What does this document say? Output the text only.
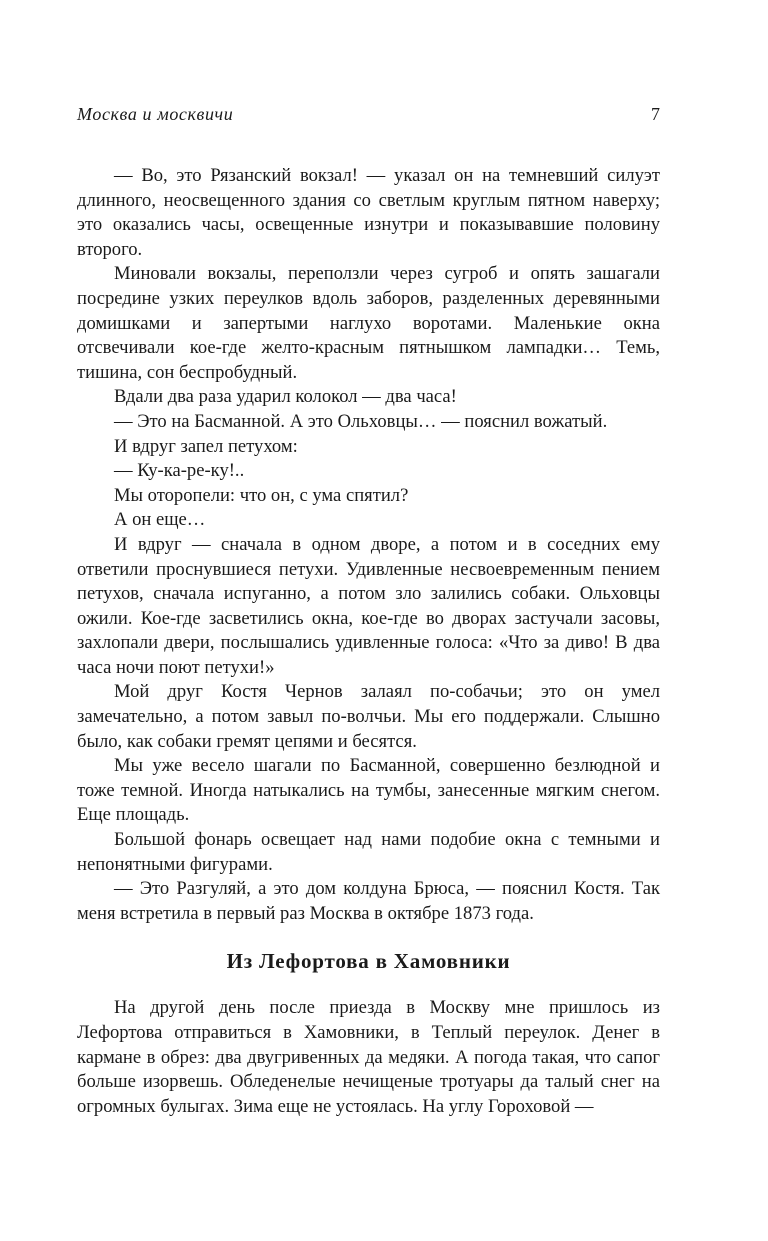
Москва и москвичи	7

— Во, это Рязанский вокзал! — указал он на темневший силуэт длинного, неосвещенного здания со светлым круглым пятном наверху; это оказались часы, освещенные изнутри и показывавшие половину второго.

Миновали вокзалы, переползли через сугроб и опять зашагали посредине узких переулков вдоль заборов, разделенных деревянными домишками и запертыми наглухо воротами. Маленькие окна отсвечивали кое-где желто-красным пятнышком лампадки… Темь, тишина, сон беспробудный.

Вдали два раза ударил колокол — два часа!

— Это на Басманной. А это Ольховцы… — пояснил вожатый.

И вдруг запел петухом:

— Ку-ка-ре-ку!..

Мы оторопели: что он, с ума спятил?

А он еще…

И вдруг — сначала в одном дворе, а потом и в соседних ему ответили проснувшиеся петухи. Удивленные несвоевременным пением петухов, сначала испуганно, а потом зло залились собаки. Ольховцы ожили. Кое-где засветились окна, кое-где во дворах застучали засовы, захлопали двери, послышались удивленные голоса: «Что за диво! В два часа ночи поют петухи!»

Мой друг Костя Чернов залаял по-собачьи; это он умел замечательно, а потом завыл по-волчьи. Мы его поддержали. Слышно было, как собаки гремят цепями и бесятся.

Мы уже весело шагали по Басманной, совершенно безлюдной и тоже темной. Иногда натыкались на тумбы, занесенные мягким снегом. Еще площадь.

Большой фонарь освещает над нами подобие окна с темными и непонятными фигурами.

— Это Разгуляй, а это дом колдуна Брюса, — пояснил Костя. Так меня встретила в первый раз Москва в октябре 1873 года.

Из Лефортова в Хамовники

На другой день после приезда в Москву мне пришлось из Лефортова отправиться в Хамовники, в Теплый переулок. Денег в кармане в обрез: два двугривенных да медяки. А погода такая, что сапог больше изорвешь. Обледенелые нечищеные тротуары да талый снег на огромных булыгах. Зима еще не устоялась. На углу Гороховой —
